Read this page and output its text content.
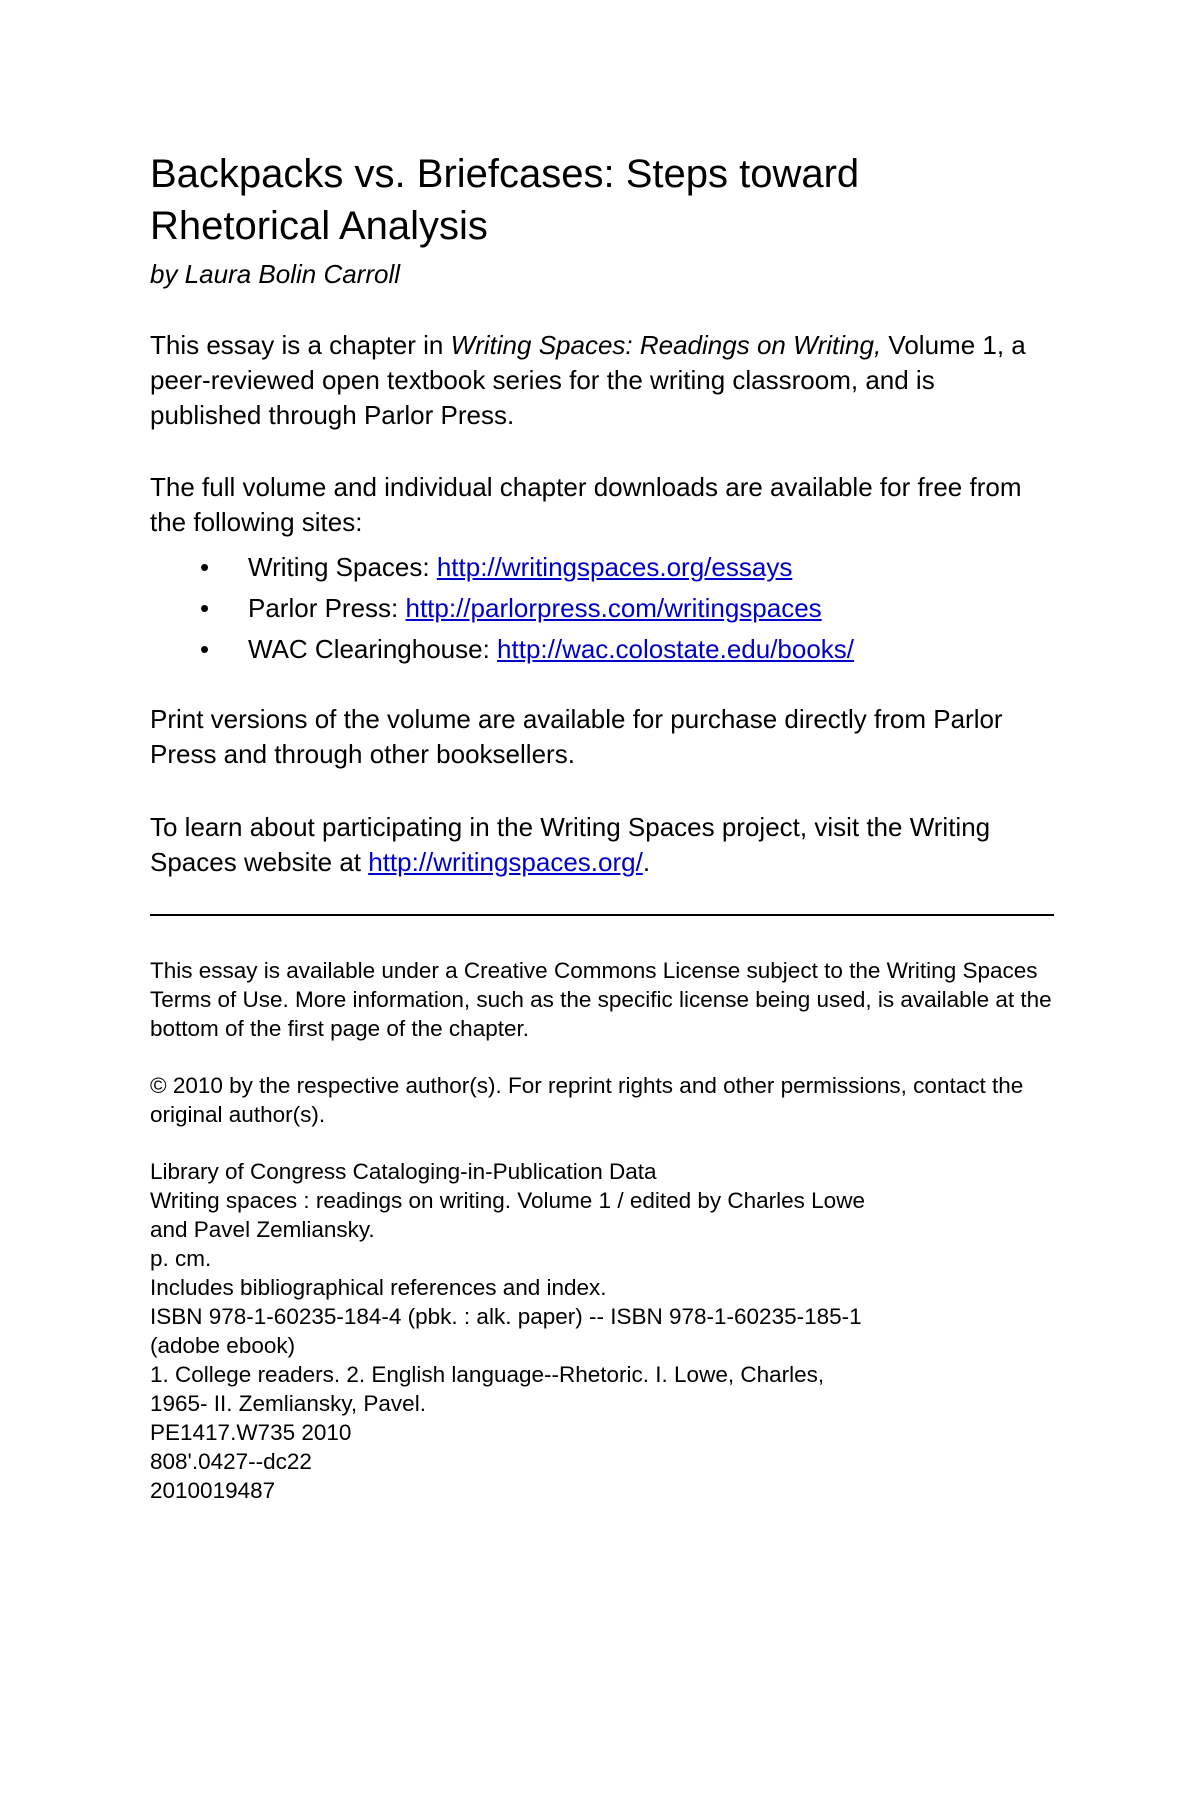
Backpacks vs. Briefcases: Steps toward Rhetorical Analysis
by Laura Bolin Carroll

This essay is a chapter in Writing Spaces: Readings on Writing, Volume 1, a peer-reviewed open textbook series for the writing classroom, and is published through Parlor Press.

The full volume and individual chapter downloads are available for free from the following sites:

• Writing Spaces: http://writingspaces.org/essays
• Parlor Press: http://parlorpress.com/writingspaces
• WAC Clearinghouse: http://wac.colostate.edu/books/

Print versions of the volume are available for purchase directly from Parlor Press and through other booksellers.

To learn about participating in the Writing Spaces project, visit the Writing Spaces website at http://writingspaces.org/.

This essay is available under a Creative Commons License subject to the Writing Spaces Terms of Use. More information, such as the specific license being used, is available at the bottom of the first page of the chapter.

© 2010 by the respective author(s). For reprint rights and other permissions, contact the original author(s).

Library of Congress Cataloging-in-Publication Data
Writing spaces : readings on writing. Volume 1 / edited by Charles Lowe
and Pavel Zemliansky.
p. cm.
Includes bibliographical references and index.
ISBN 978-1-60235-184-4 (pbk. : alk. paper) -- ISBN 978-1-60235-185-1
(adobe ebook)
1. College readers. 2. English language--Rhetoric. I. Lowe, Charles,
1965- II. Zemliansky, Pavel.
PE1417.W735 2010
808'.0427--dc22
2010019487
